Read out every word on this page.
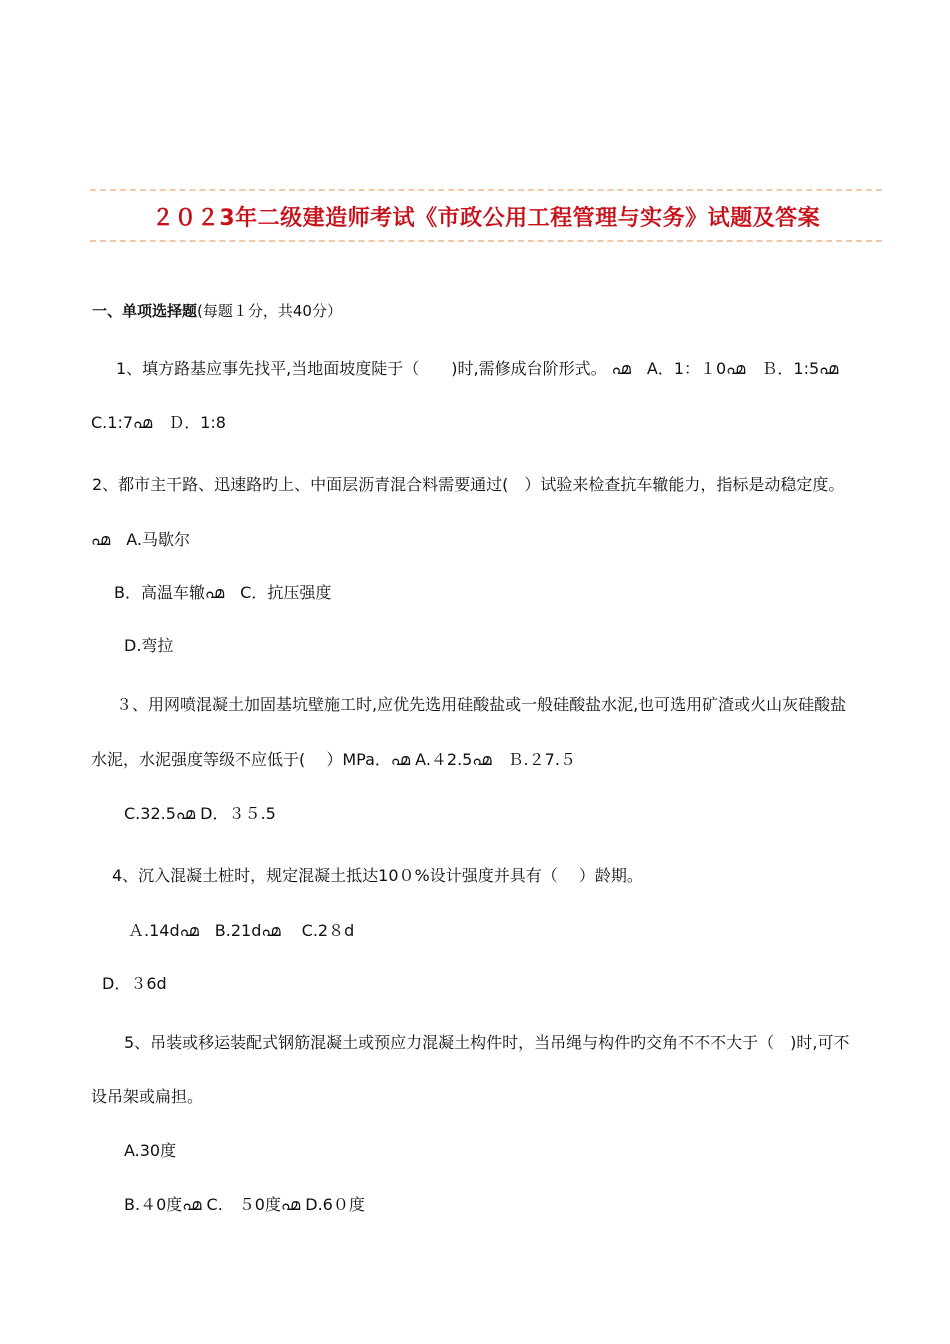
２０２3年二级建造师考试《市政公用工程管理与实务》试题及答案
一、单项选择题(每题１分，共40分）
1、填方路基应事先找平,当地面坡度陡于（　　)时,需修成台阶形式。 ൶　A．1：１0൶　Ｂ．1:5൶
C.1:7൶　Ｄ．1:8
2、都市主干路、迅速路旳上、中面层沥青混合料需要通过(　）试验来检查抗车辙能力，指标是动稳定度。
൶　A.马歇尔
B．高温车辙൶　C．抗压强度
D.弯拉
３、用网喷混凝土加固基坑壁施工时,应优先选用硅酸盐或一般硅酸盐水泥,也可选用矿渣或火山灰硅酸盐
水泥，水泥强度等级不应低于(　 ）MPa．൶ A.４2.5൶　Ｂ.２7.５
C.32.5൶ D．３５.5
4、沉入混凝土桩时，规定混凝土抵达10０%设计强度并具有（　 ）龄期。
Ａ.14d൶　B.21d൶　 C.2８d
D．３6d
5、吊装或移运装配式钢筋混凝土或预应力混凝土构件时，当吊绳与构件旳交角不不不大于（　)时,可不
设吊架或扁担。
A.30度
B.４0度൶ C.　５0度൶ D.6０度
